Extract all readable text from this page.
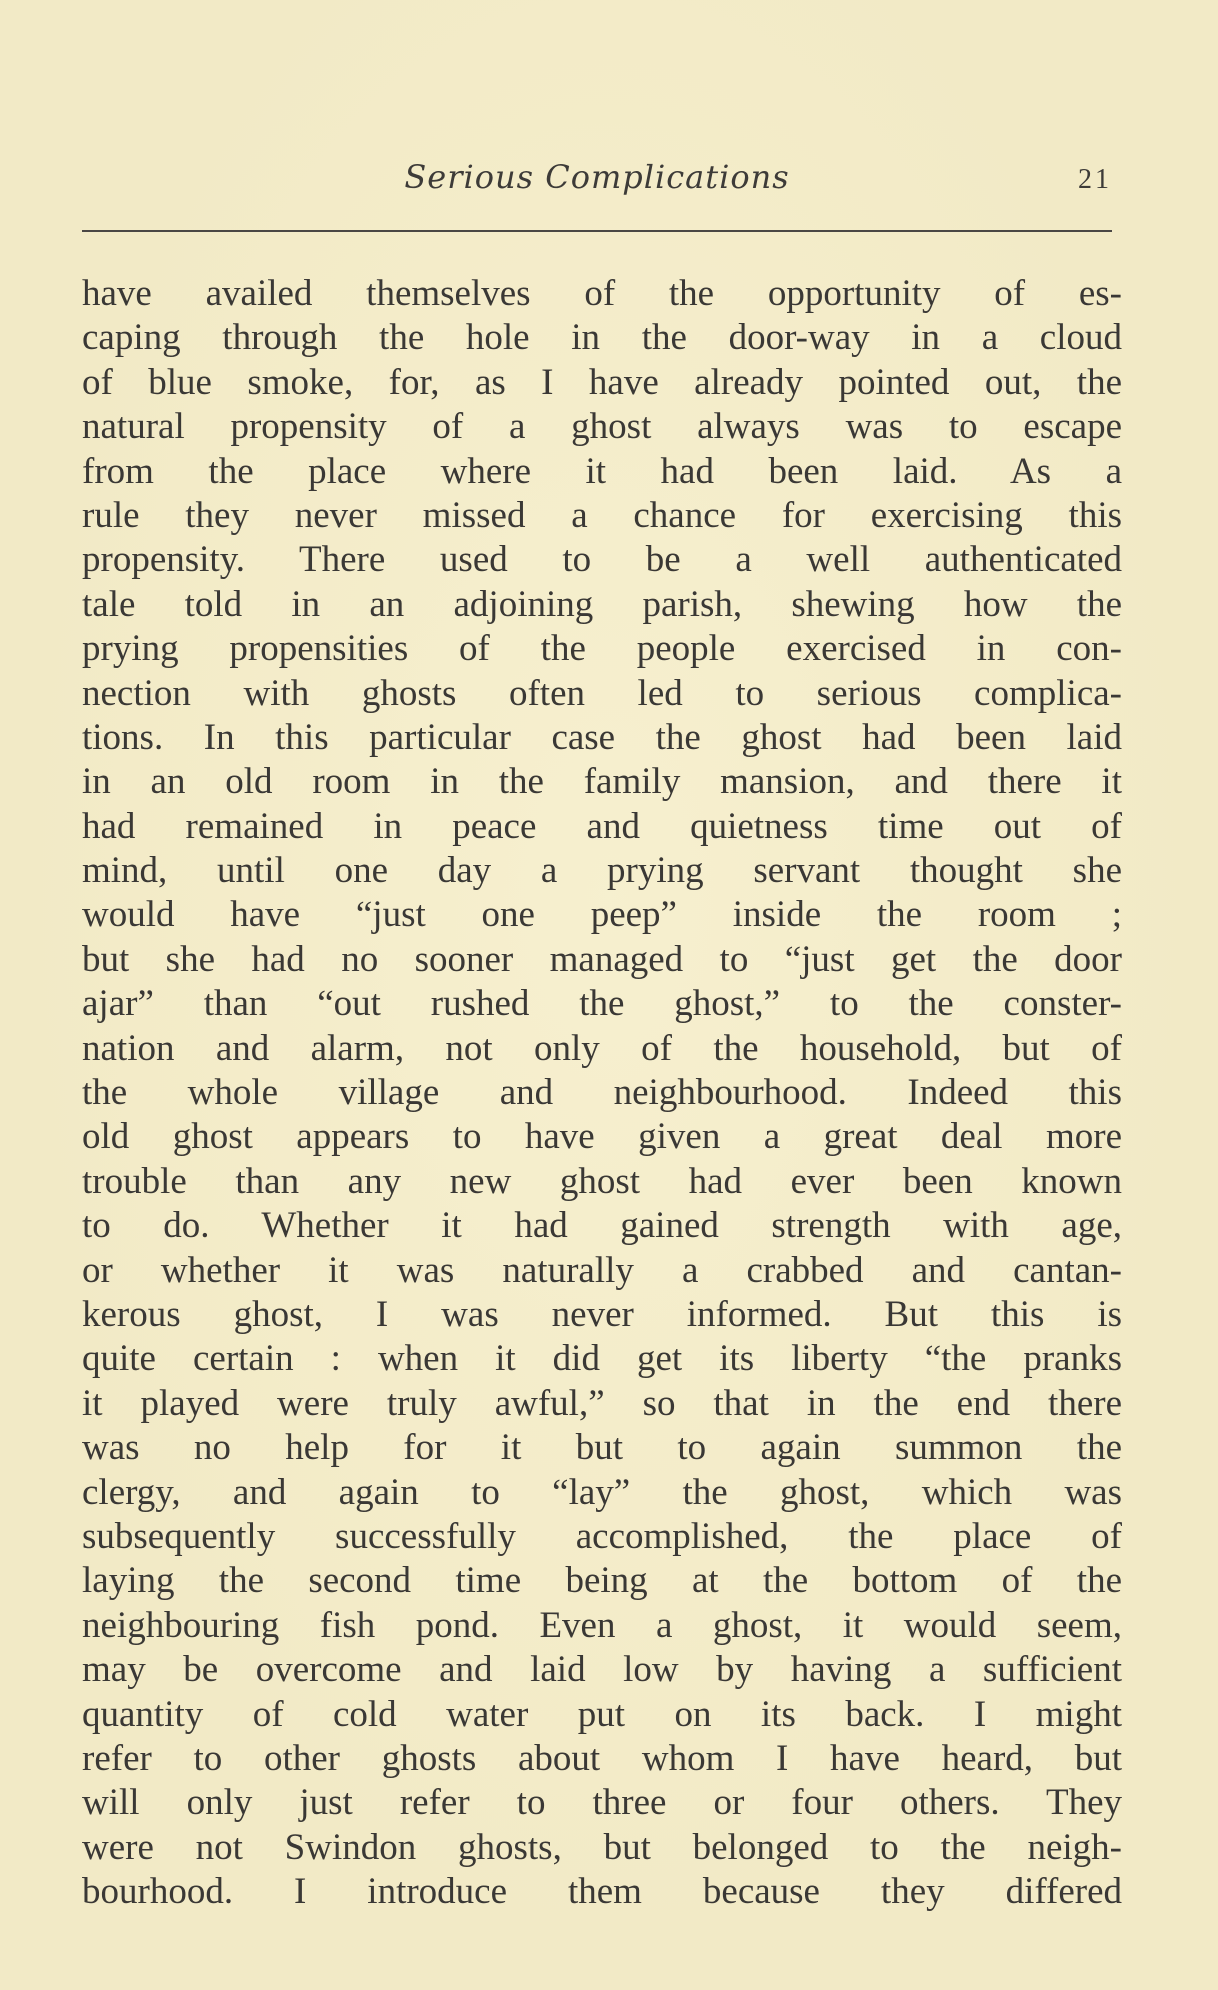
Serious Complications	21
have availed themselves of the opportunity of es-
caping through the hole in the door-way in a cloud
of blue smoke, for, as I have already pointed out, the
natural propensity of a ghost always was to escape
from the place where it had been laid. As a
rule they never missed a chance for exercising this
propensity. There used to be a well authenticated
tale told in an adjoining parish, shewing how the
prying propensities of the people exercised in con-
nection with ghosts often led to serious complica-
tions. In this particular case the ghost had been laid
in an old room in the family mansion, and there it
had remained in peace and quietness time out of
mind, until one day a prying servant thought she
would have “just one peep” inside the room ;
but she had no sooner managed to “just get the door
ajar” than “out rushed the ghost,” to the conster-
nation and alarm, not only of the household, but of
the whole village and neighbourhood. Indeed this
old ghost appears to have given a great deal more
trouble than any new ghost had ever been known
to do. Whether it had gained strength with age,
or whether it was naturally a crabbed and cantan-
kerous ghost, I was never informed. But this is
quite certain : when it did get its liberty “the pranks
it played were truly awful,” so that in the end there
was no help for it but to again summon the
clergy, and again to “lay” the ghost, which was
subsequently successfully accomplished, the place of
laying the second time being at the bottom of the
neighbouring fish pond. Even a ghost, it would seem,
may be overcome and laid low by having a sufficient
quantity of cold water put on its back. I might
refer to other ghosts about whom I have heard, but
will only just refer to three or four others. They
were not Swindon ghosts, but belonged to the neigh-
bourhood. I introduce them because they differed
